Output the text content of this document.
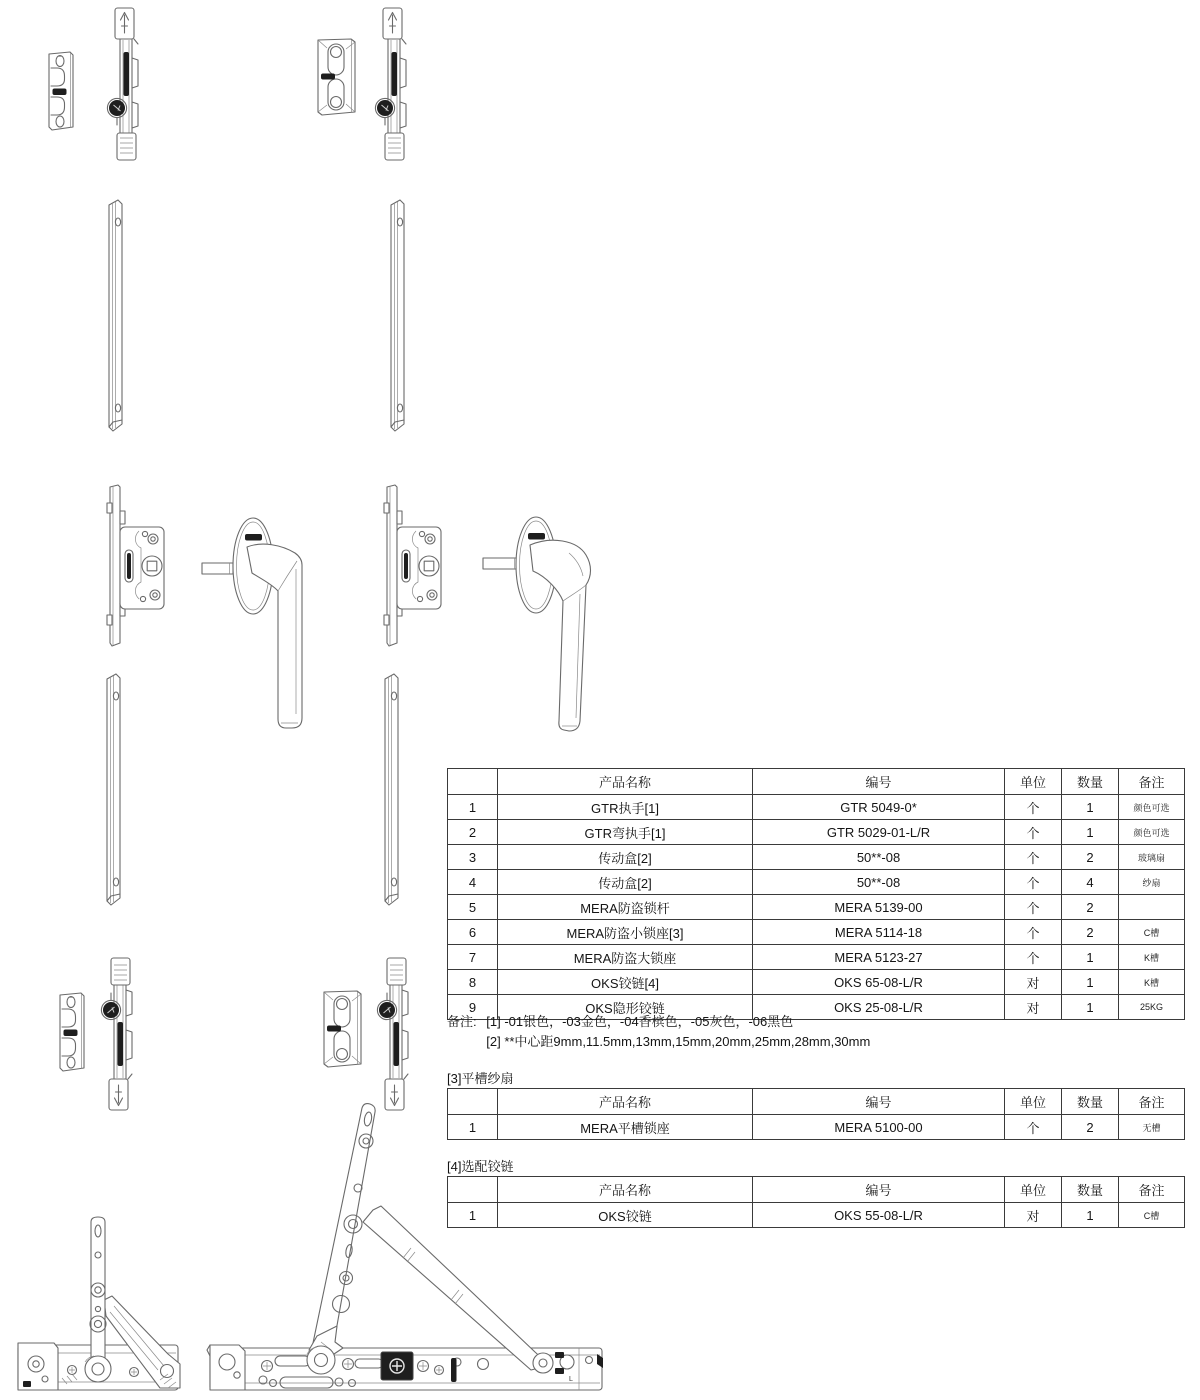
L
	产品名称	编号	单位	数量	备注
1	GTR执手[1]	GTR 5049-0*	个	1	颜色可选
2	GTR弯执手[1]	GTR 5029-01-L/R	个	1	颜色可选
3	传动盒[2]	50**-08	个	2	玻璃扇
4	传动盒[2]	50**-08	个	4	纱扇
5	MERA防盗锁杆	MERA 5139-00	个	2	
6	MERA防盗小锁座[3]	MERA 5114-18	个	2	C槽
7	MERA防盗大锁座	MERA 5123-27	个	1	K槽
8	OKS铰链[4]	OKS 65-08-L/R	对	1	K槽
9	OKS隐形铰链	OKS 25-08-L/R	对	1	25KG
备注: [1] -01银色，-03金色，-04香槟色，-05灰色，-06黑色
[2] **中心距9mm,11.5mm,13mm,15mm,20mm,25mm,28mm,30mm
[3]平槽纱扇
	产品名称	编号	单位	数量	备注
1	MERA平槽锁座	MERA 5100-00	个	2	无槽
[4]选配铰链
	产品名称	编号	单位	数量	备注
1	OKS铰链	OKS 55-08-L/R	对	1	C槽
